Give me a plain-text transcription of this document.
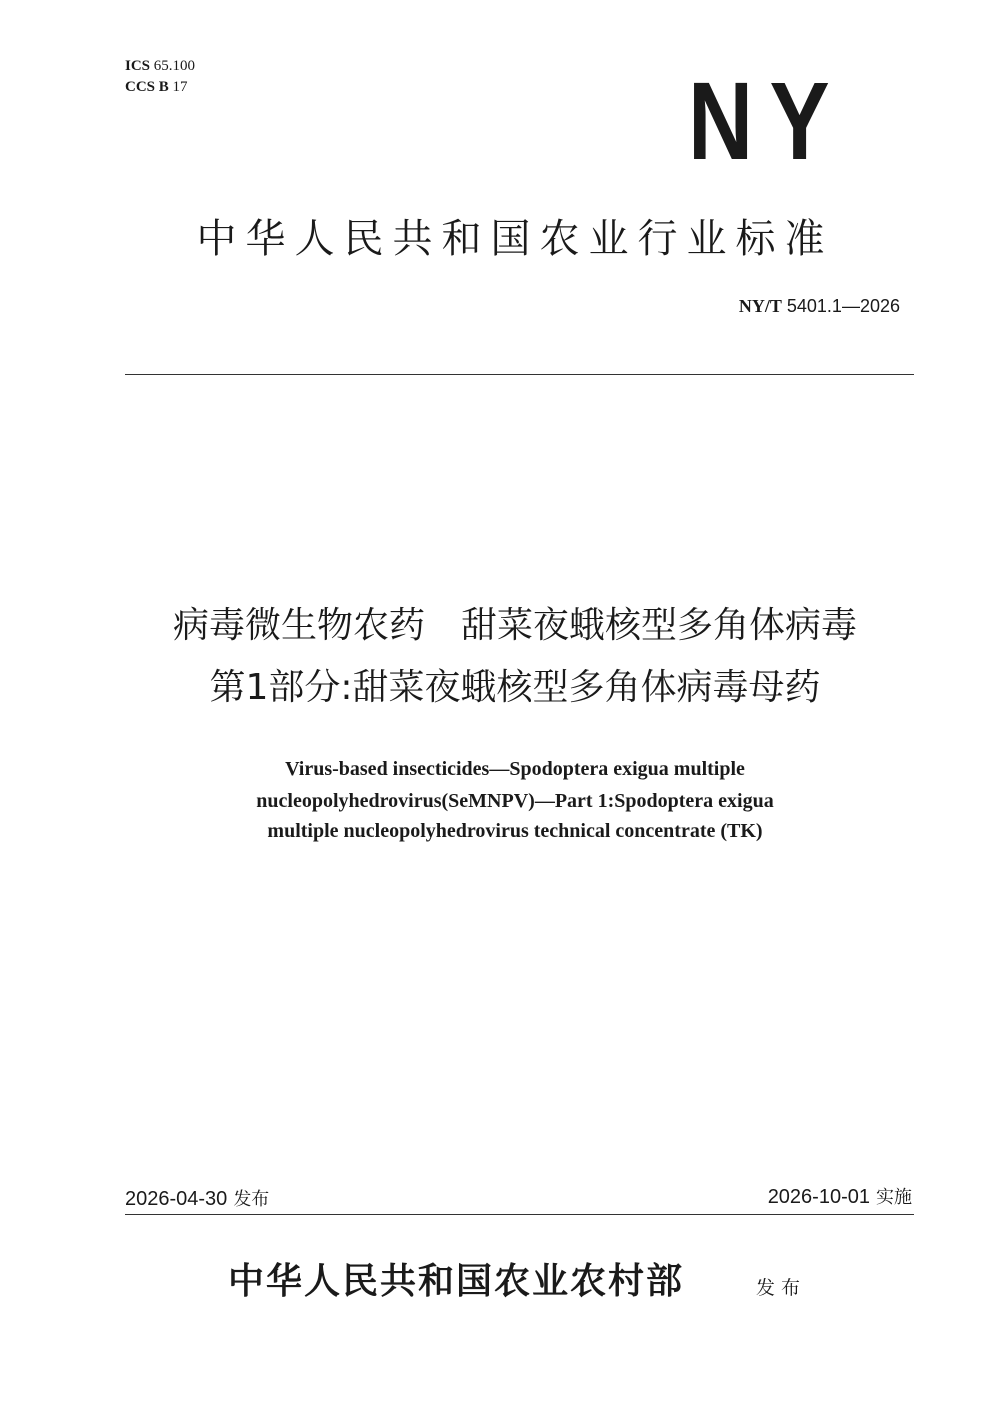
ICS 65.100
CCS B 17	NY
中华人民共和国农业行业标准
NY/T 5401.1—2026
病毒微生物农药　甜菜夜蛾核型多角体病毒
第1部分:甜菜夜蛾核型多角体病毒母药
Virus-based insecticides—Spodoptera exigua multiple
nucleopolyhedrovirus(SeMNPV)—Part 1:Spodoptera exigua
multiple nucleopolyhedrovirus technical concentrate (TK)
2026-04-30 发布	2026-10-01 实施
中华人民共和国农业农村部	发布
